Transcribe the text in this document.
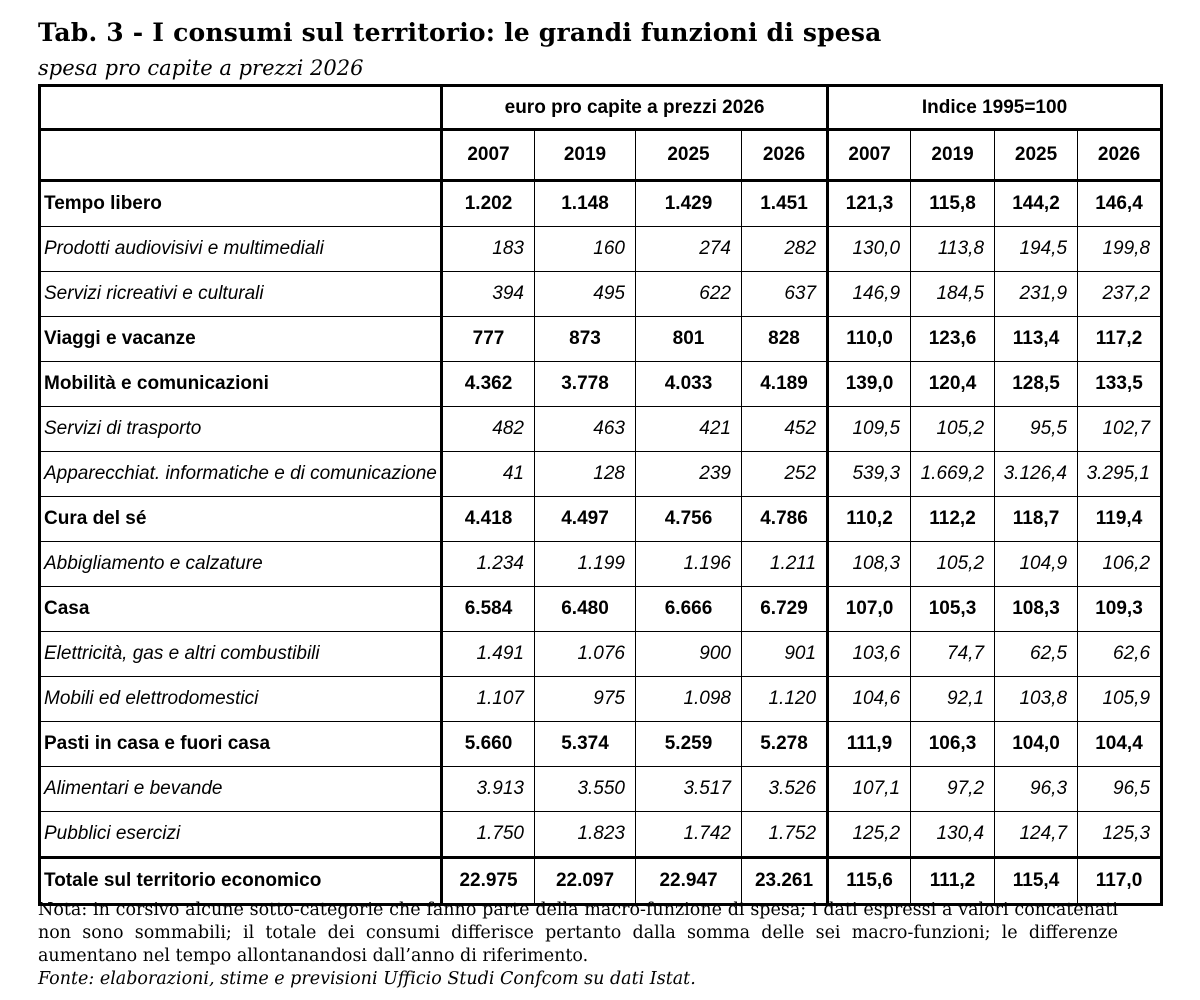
Tab. 3 - I consumi sul territorio: le grandi funzioni di spesa
spesa pro capite a prezzi 2026
	euro pro capite a prezzi 2026				Indice 1995=100			
	2007	2019	2025	2026	2007	2019	2025	2026
Tempo libero	1.202	1.148	1.429	1.451	121,3	115,8	144,2	146,4
Prodotti audiovisivi e multimediali	183	160	274	282	130,0	113,8	194,5	199,8
Servizi ricreativi e culturali	394	495	622	637	146,9	184,5	231,9	237,2
Viaggi e vacanze	777	873	801	828	110,0	123,6	113,4	117,2
Mobilità e comunicazioni	4.362	3.778	4.033	4.189	139,0	120,4	128,5	133,5
Servizi di trasporto	482	463	421	452	109,5	105,2	95,5	102,7
Apparecchiat. informatiche e di comunicazione	41	128	239	252	539,3	1.669,2	3.126,4	3.295,1
Cura del sé	4.418	4.497	4.756	4.786	110,2	112,2	118,7	119,4
Abbigliamento e calzature	1.234	1.199	1.196	1.211	108,3	105,2	104,9	106,2
Casa	6.584	6.480	6.666	6.729	107,0	105,3	108,3	109,3
Elettricità, gas e altri combustibili	1.491	1.076	900	901	103,6	74,7	62,5	62,6
Mobili ed elettrodomestici	1.107	975	1.098	1.120	104,6	92,1	103,8	105,9
Pasti in casa e fuori casa	5.660	5.374	5.259	5.278	111,9	106,3	104,0	104,4
Alimentari e bevande	3.913	3.550	3.517	3.526	107,1	97,2	96,3	96,5
Pubblici esercizi	1.750	1.823	1.742	1.752	125,2	130,4	124,7	125,3
Totale sul territorio economico	22.975	22.097	22.947	23.261	115,6	111,2	115,4	117,0
Nota: in corsivo alcune sotto-categorie che fanno parte della macro-funzione di spesa; i dati espressi a valori concatenati non sono sommabili; il totale dei consumi differisce pertanto dalla somma delle sei macro-funzioni; le differenze aumentano nel tempo allontanandosi dall’anno di riferimento.
Fonte: elaborazioni, stime e previsioni Ufficio Studi Confcom su dati Istat.
